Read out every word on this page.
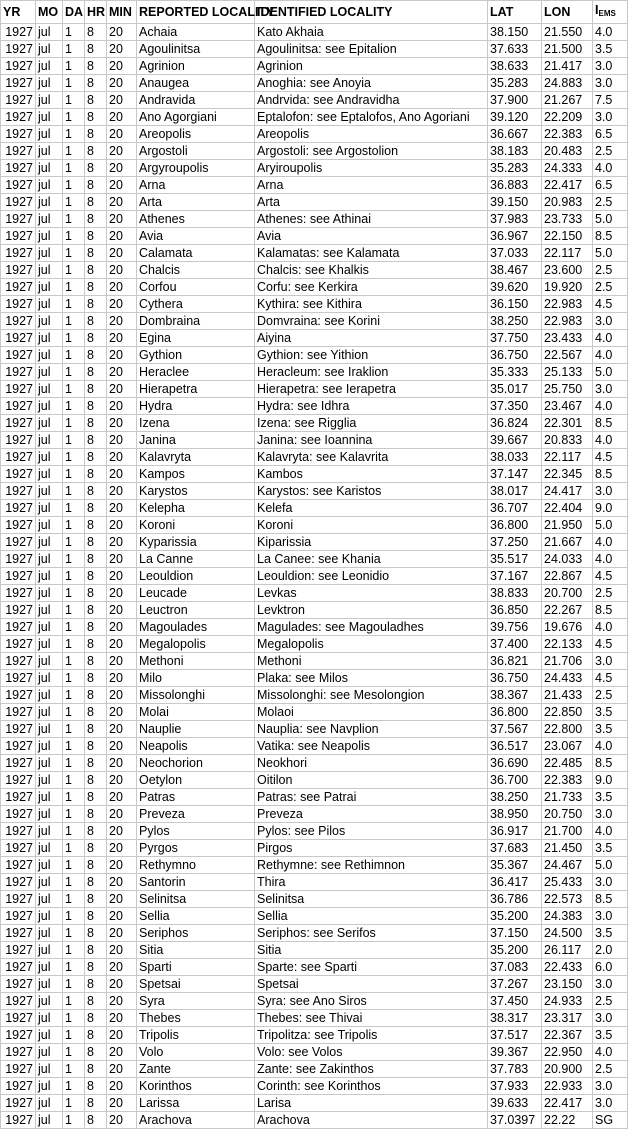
YR	MO	DA	HR	MIN	REPORTED LOCALITY	IDENTIFIED LOCALITY	LAT	LON	IEMS
1927	jul	1	8	20	Achaia	Kato Akhaia	38.150	21.550	4.0
1927	jul	1	8	20	Agoulinitsa	Agoulinitsa: see Epitalion	37.633	21.500	3.5
1927	jul	1	8	20	Agrinion	Agrinion	38.633	21.417	3.0
1927	jul	1	8	20	Anaugea	Anoghia: see Anoyia	35.283	24.883	3.0
1927	jul	1	8	20	Andravida	Andrvida: see Andravidha	37.900	21.267	7.5
1927	jul	1	8	20	Ano Agorgiani	Eptalofon: see Eptalofos, Ano Agoriani	39.120	22.209	3.0
1927	jul	1	8	20	Areopolis	Areopolis	36.667	22.383	6.5
1927	jul	1	8	20	Argostoli	Argostoli: see Argostolion	38.183	20.483	2.5
1927	jul	1	8	20	Argyroupolis	Aryiroupolis	35.283	24.333	4.0
1927	jul	1	8	20	Arna	Arna	36.883	22.417	6.5
1927	jul	1	8	20	Arta	Arta	39.150	20.983	2.5
1927	jul	1	8	20	Athenes	Athenes: see Athinai	37.983	23.733	5.0
1927	jul	1	8	20	Avia	Avia	36.967	22.150	8.5
1927	jul	1	8	20	Calamata	Kalamatas: see Kalamata	37.033	22.117	5.0
1927	jul	1	8	20	Chalcis	Chalcis: see Khalkis	38.467	23.600	2.5
1927	jul	1	8	20	Corfou	Corfu: see Kerkira	39.620	19.920	2.5
1927	jul	1	8	20	Cythera	Kythira: see Kithira	36.150	22.983	4.5
1927	jul	1	8	20	Dombraina	Domvraina: see Korini	38.250	22.983	3.0
1927	jul	1	8	20	Egina	Aiyina	37.750	23.433	4.0
1927	jul	1	8	20	Gythion	Gythion: see Yithion	36.750	22.567	4.0
1927	jul	1	8	20	Heraclee	Heracleum: see Iraklion	35.333	25.133	5.0
1927	jul	1	8	20	Hierapetra	Hierapetra: see Ierapetra	35.017	25.750	3.0
1927	jul	1	8	20	Hydra	Hydra: see Idhra	37.350	23.467	4.0
1927	jul	1	8	20	Izena	Izena: see Rigglia	36.824	22.301	8.5
1927	jul	1	8	20	Janina	Janina: see Ioannina	39.667	20.833	4.0
1927	jul	1	8	20	Kalavryta	Kalavryta: see Kalavrita	38.033	22.117	4.5
1927	jul	1	8	20	Kampos	Kambos	37.147	22.345	8.5
1927	jul	1	8	20	Karystos	Karystos: see Karistos	38.017	24.417	3.0
1927	jul	1	8	20	Kelepha	Kelefa	36.707	22.404	9.0
1927	jul	1	8	20	Koroni	Koroni	36.800	21.950	5.0
1927	jul	1	8	20	Kyparissia	Kiparissia	37.250	21.667	4.0
1927	jul	1	8	20	La Canne	La Canee: see Khania	35.517	24.033	4.0
1927	jul	1	8	20	Leouldion	Leouldion: see Leonidio	37.167	22.867	4.5
1927	jul	1	8	20	Leucade	Levkas	38.833	20.700	2.5
1927	jul	1	8	20	Leuctron	Levktron	36.850	22.267	8.5
1927	jul	1	8	20	Magoulades	Magulades: see Magouladhes	39.756	19.676	4.0
1927	jul	1	8	20	Megalopolis	Megalopolis	37.400	22.133	4.5
1927	jul	1	8	20	Methoni	Methoni	36.821	21.706	3.0
1927	jul	1	8	20	Milo	Plaka: see Milos	36.750	24.433	4.5
1927	jul	1	8	20	Missolonghi	Missolonghi: see Mesolongion	38.367	21.433	2.5
1927	jul	1	8	20	Molai	Molaoi	36.800	22.850	3.5
1927	jul	1	8	20	Nauplie	Nauplia: see Navplion	37.567	22.800	3.5
1927	jul	1	8	20	Neapolis	Vatika: see Neapolis	36.517	23.067	4.0
1927	jul	1	8	20	Neochorion	Neokhori	36.690	22.485	8.5
1927	jul	1	8	20	Oetylon	Oitilon	36.700	22.383	9.0
1927	jul	1	8	20	Patras	Patras: see Patrai	38.250	21.733	3.5
1927	jul	1	8	20	Preveza	Preveza	38.950	20.750	3.0
1927	jul	1	8	20	Pylos	Pylos: see Pilos	36.917	21.700	4.0
1927	jul	1	8	20	Pyrgos	Pirgos	37.683	21.450	3.5
1927	jul	1	8	20	Rethymno	Rethymne: see Rethimnon	35.367	24.467	5.0
1927	jul	1	8	20	Santorin	Thira	36.417	25.433	3.0
1927	jul	1	8	20	Selinitsa	Selinitsa	36.786	22.573	8.5
1927	jul	1	8	20	Sellia	Sellia	35.200	24.383	3.0
1927	jul	1	8	20	Seriphos	Seriphos: see Serifos	37.150	24.500	3.5
1927	jul	1	8	20	Sitia	Sitia	35.200	26.117	2.0
1927	jul	1	8	20	Sparti	Sparte: see Sparti	37.083	22.433	6.0
1927	jul	1	8	20	Spetsai	Spetsai	37.267	23.150	3.0
1927	jul	1	8	20	Syra	Syra: see Ano Siros	37.450	24.933	2.5
1927	jul	1	8	20	Thebes	Thebes: see Thivai	38.317	23.317	3.0
1927	jul	1	8	20	Tripolis	Tripolitza: see Tripolis	37.517	22.367	3.5
1927	jul	1	8	20	Volo	Volo: see Volos	39.367	22.950	4.0
1927	jul	1	8	20	Zante	Zante: see Zakinthos	37.783	20.900	2.5
1927	jul	1	8	20	Korinthos	Corinth: see Korinthos	37.933	22.933	3.0
1927	jul	1	8	20	Larissa	Larisa	39.633	22.417	3.0
1927	jul	1	8	20	Arachova	Arachova	37.0397	22.22	SG
